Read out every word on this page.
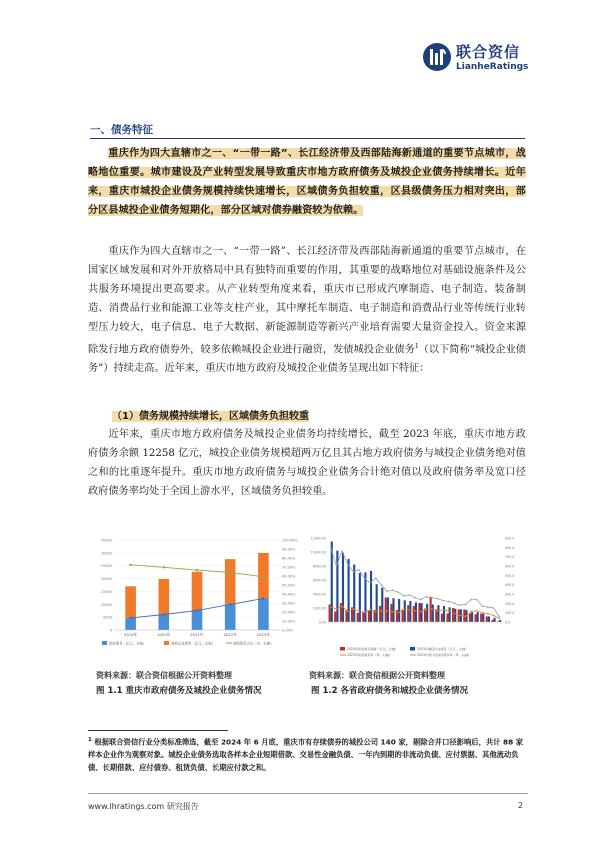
联合资信
LianheRatings
一、债务特征
重庆作为四大直辖市之一、“一带一路”、长江经济带及西部陆海新通道的重要节点城市，战略地位重要。城市建设及产业转型发展导致重庆市地方政府债务及城投企业债务持续增长。近年来，重庆市城投企业债务规模持续快速增长，区域债务负担较重，区县级债务压力相对突出，部分区县城投企业债务短期化，部分区域对债券融资较为依赖。
重庆作为四大直辖市之一、“一带一路”、长江经济带及西部陆海新通道的重要节点城市，在国家区域发展和对外开放格局中具有独特而重要的作用，其重要的战略地位对基础设施条件及公共服务环境提出更高要求。从产业转型角度来看，重庆市已形成汽摩制造、电子制造、装备制造、消费品行业和能源工业等支柱产业，其中摩托车制造、电子制造和消费品行业等传统行业转型压力较大，电子信息、电子大数据、新能源制造等新兴产业培育需要大量资金投入。资金来源除发行地方政府债券外，较多依赖城投企业进行融资，发债城投企业债务$^1$（以下简称“城投企业债务”）持续走高。近年来，重庆市地方政府及城投企业债务呈现出如下特征：
（1）债务规模持续增长，区域债务负担较重
近年来，重庆市地方政府债务及城投企业债务均持续增长，截至 2023 年底，重庆市地方政府债务余额 12258 亿元，城投企业债务规模超两万亿且其占地方政府债务与城投企业债务绝对值之和的比重逐年提升。重庆市地方政府债务与城投企业债务合计绝对值以及政府债务率及宽口径政府债务率均处于全国上游水平，区域债务负担较重。
35000
30000
25000
20000
15000
10000
5000
0
100.00%
90.00%
80.00%
70.00%
60.00%
50.00%
40.00%
30.00%
20.00%
10.00%
0.00%
2019年	2020年	2021年	2022年	2023年
政府债务（亿元，左轴）	城投企业债务（亿元，左轴）	城投债务占比（%，右轴）
12000.00
10000.00
8000.00
6000.00
4000.00
2000.00
0.00
900.0
800.0
700.0
600.0
500.0
400.0
300.0
200.0
100.0
0.0
2023年政府债务余额（亿元，左轴）	2023年城投企业债务（亿元，左轴）
2023年政府债务率（%，右轴）	2023年宽口径政府债务率（%，右轴）
资料来源：联合资信根据公开资料整理	资料来源：联合资信根据公开资料整理
图 1.1 重庆市政府债务及城投企业债务情况	图 1.2 各省政府债务和城投企业债务情况
$^1$ 根据联合资信行业分类标准筛选，截至 2024 年 6 月底，重庆市有存续债券的城投公司 140 家，剔除合并口径影响后，共计 88 家样本企业作为观察对象。城投企业债务选取各样本企业短期借款、交易性金融负债、一年内到期的非流动负债、应付票据、其他流动负债、长期借款、应付债券、租赁负债、长期应付款之和。
www.lhratings.com 研究报告	2
